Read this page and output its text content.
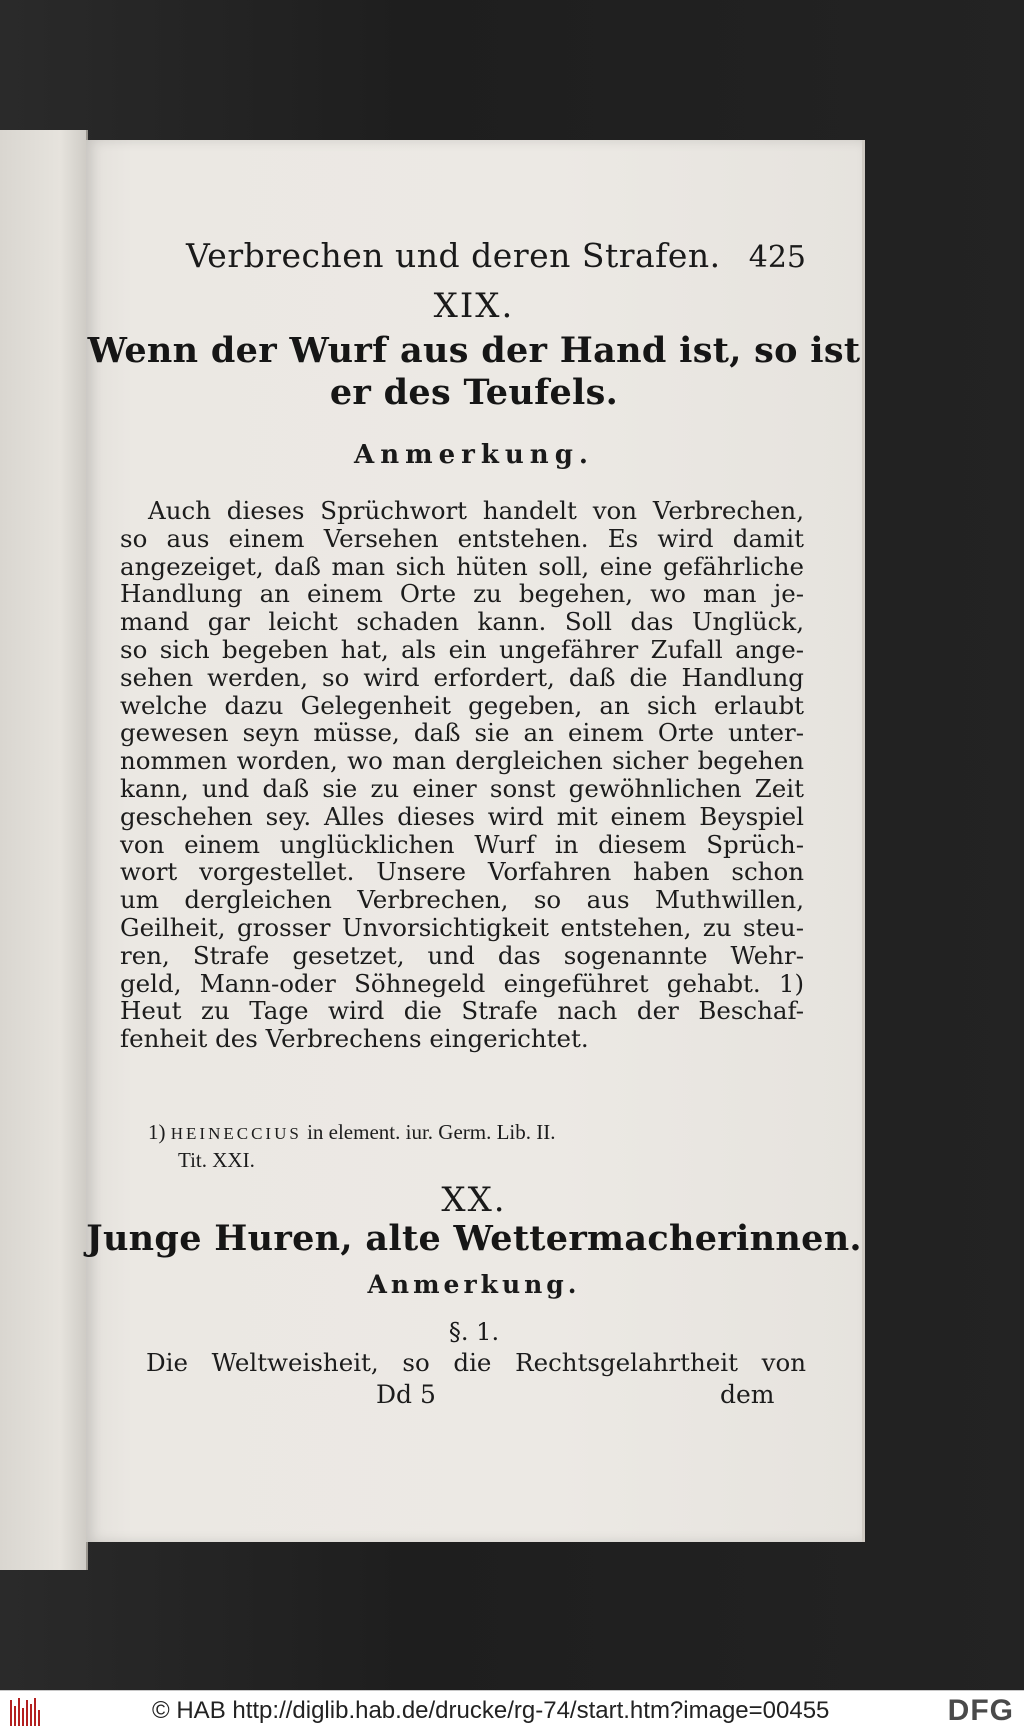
Verbrechen und deren Strafen. 425
XIX.
Wenn der Wurf aus der Hand ist, so ist
er des Teufels.
Anmerkung.
Auch dieses Sprüchwort handelt von Verbrechen,
so aus einem Versehen entstehen. Es wird damit
angezeiget, daß man sich hüten soll, eine gefährliche
Handlung an einem Orte zu begehen, wo man je-
mand gar leicht schaden kann. Soll das Unglück,
so sich begeben hat, als ein ungefährer Zufall ange-
sehen werden, so wird erfordert, daß die Handlung
welche dazu Gelegenheit gegeben, an sich erlaubt
gewesen seyn müsse, daß sie an einem Orte unter-
nommen worden, wo man dergleichen sicher begehen
kann, und daß sie zu einer sonst gewöhnlichen Zeit
geschehen sey. Alles dieses wird mit einem Beyspiel
von einem unglücklichen Wurf in diesem Sprüch-
wort vorgestellet. Unsere Vorfahren haben schon
um dergleichen Verbrechen, so aus Muthwillen,
Geilheit, grosser Unvorsichtigkeit entstehen, zu steu-
ren, Strafe gesetzet, und das sogenannte Wehr-
geld, Mann-oder Söhnegeld eingeführet gehabt. 1)
Heut zu Tage wird die Strafe nach der Beschaf-
fenheit des Verbrechens eingerichtet.
1) HEINECCIUS in element. iur. Germ. Lib. II.
Tit. XXI.
XX.
Junge Huren, alte Wettermacherinnen.
Anmerkung.
§. 1.
Die Weltweisheit, so die Rechtsgelahrtheit von
Dd 5	dem
© HAB http://diglib.hab.de/drucke/rg-74/start.htm?image=00455	DFG
